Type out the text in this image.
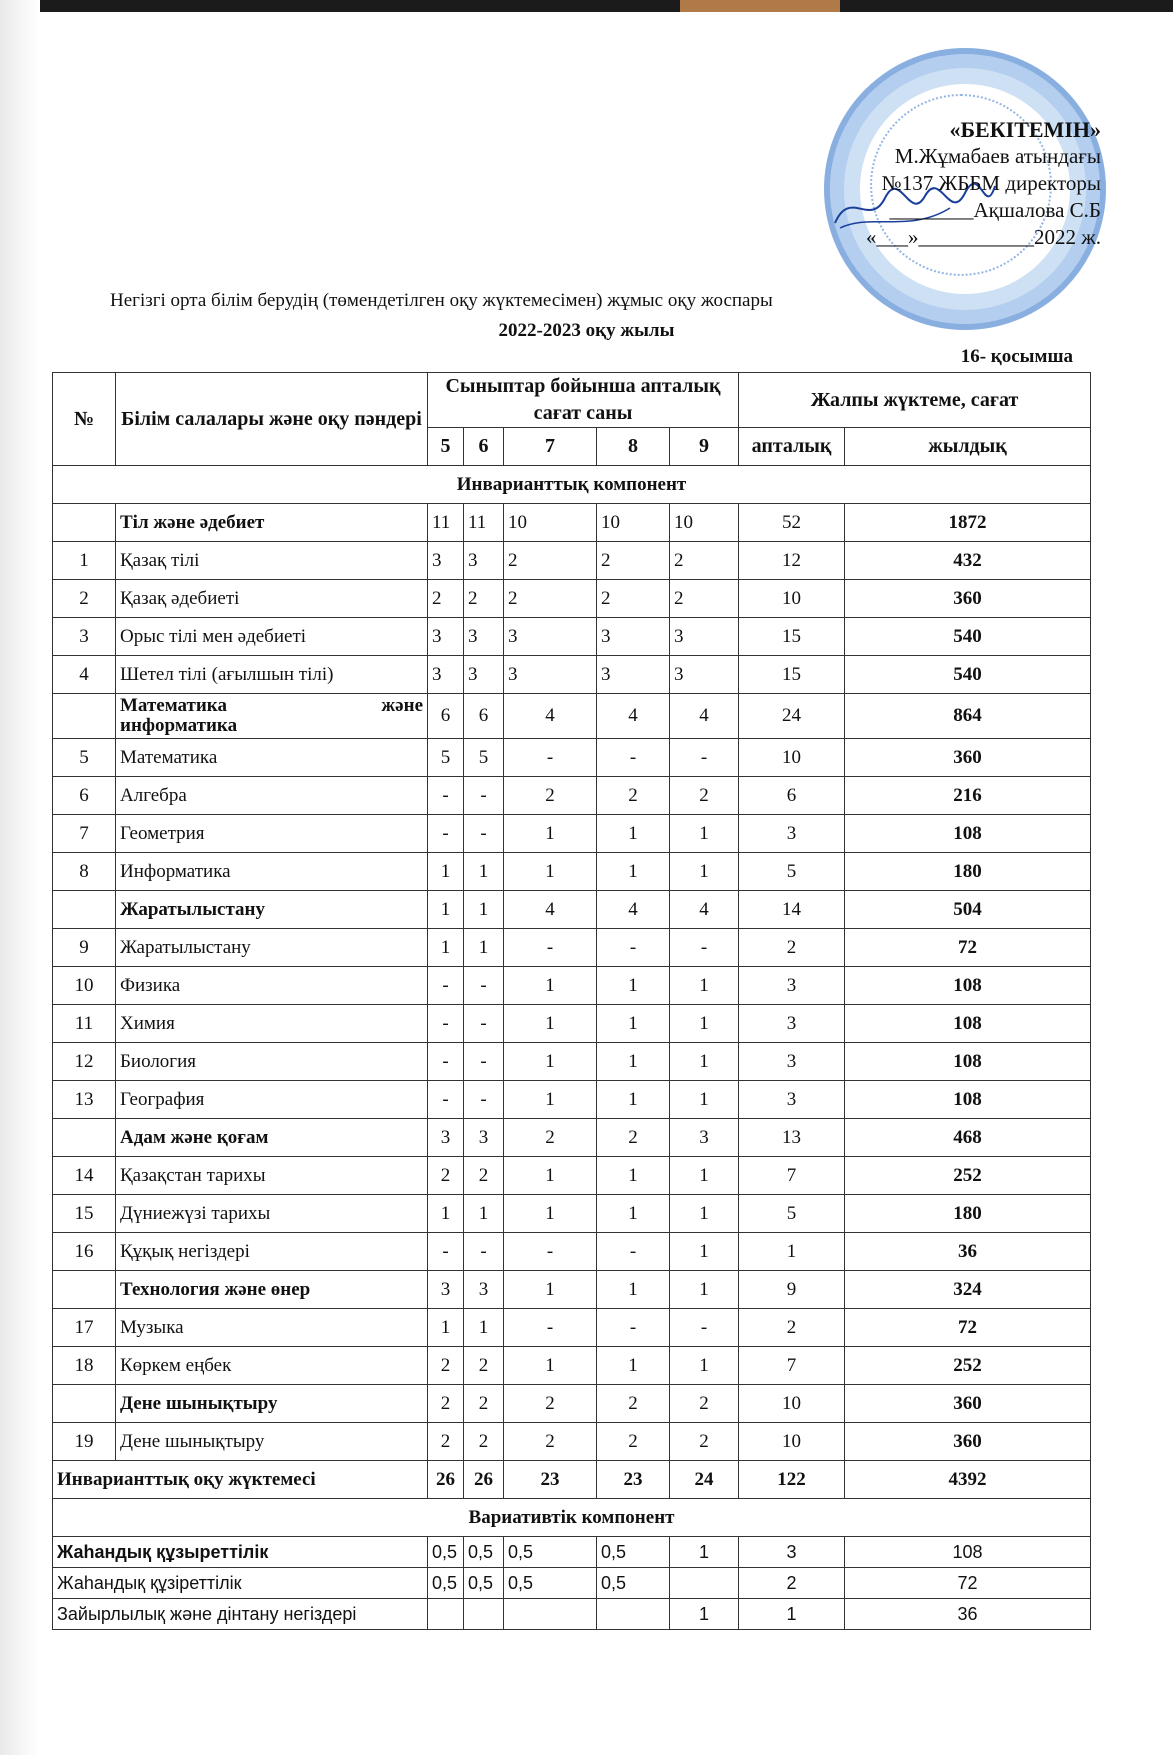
«БЕКІТЕМІН»
М.Жұмабаев атындағы
№137 ЖББМ директоры
________Ақшалова С.Б
«___»___________2022 ж.
Негізгі орта білім берудің (төмендетілген оқу жүктемесімен) жұмыс оқу жоспары
2022-2023 оқу жылы
16- қосымша
№	Білім салалары және оқу пәндері	Сыныптар бойынша апталық сағат саны					Жалпы жүктеме, сағат	
		5	6	7	8	9	апталық	жылдық
Инварианттық компонент								
	Тіл және әдебиет	11	11	10	10	10	52	1872
1	Қазақ тілі	3	3	2	2	2	12	432
2	Қазақ әдебиеті	2	2	2	2	2	10	360
3	Орыс тілі мен әдебиеті	3	3	3	3	3	15	540
4	Шетел тілі (ағылшын тілі)	3	3	3	3	3	15	540

	Математика және
информатика	6	6	4	4	4	24	864
5	Математика	5	5	-	-	-	10	360
6	Алгебра	-	-	2	2	2	6	216
7	Геометрия	-	-	1	1	1	3	108
8	Информатика	1	1	1	1	1	5	180
	Жаратылыстану	1	1	4	4	4	14	504
9	Жаратылыстану	1	1	-	-	-	2	72
10	Физика	-	-	1	1	1	3	108
11	Химия	-	-	1	1	1	3	108
12	Биология	-	-	1	1	1	3	108
13	География	-	-	1	1	1	3	108
	Адам және қоғам	3	3	2	2	3	13	468
14	Қазақстан тарихы	2	2	1	1	1	7	252
15	Дүниежүзі тарихы	1	1	1	1	1	5	180
16	Құқық негіздері	-	-	-	-	1	1	36
	Технология және өнер	3	3	1	1	1	9	324
17	Музыка	1	1	-	-	-	2	72
18	Көркем еңбек	2	2	1	1	1	7	252
	Дене шынықтыру	2	2	2	2	2	10	360
19	Дене шынықтыру	2	2	2	2	2	10	360
Инварианттық оқу жүктемесі		26	26	23	23	24	122	4392
Вариативтік компонент								
Жаһандық құзыреттілік		0,5	0,5	0,5	0,5	1	3	108
Жаһандық құзіреттілік		0,5	0,5	0,5	0,5		2	72
Зайырлылық және дінтану негіздері						1	1	36
